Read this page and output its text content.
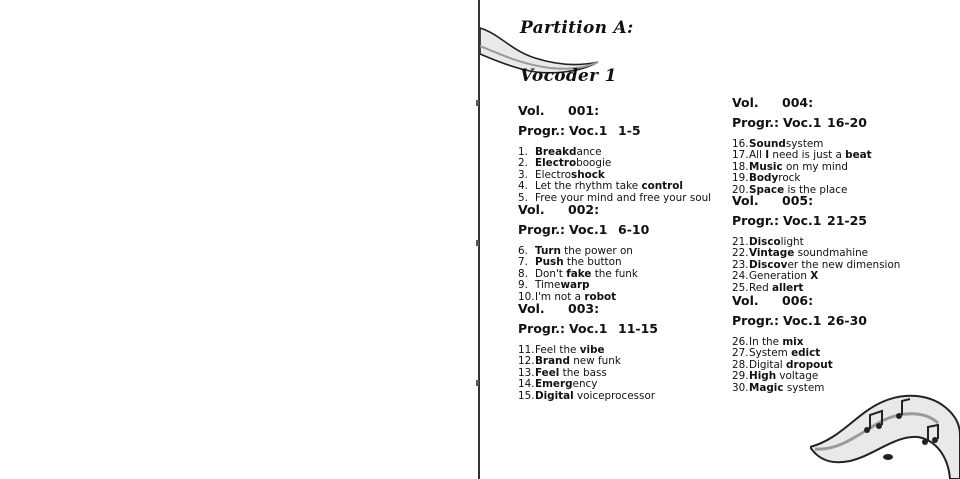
Partition A:
Vocoder 1
Vol. 001:
Progr.: Voc.1 1-5
1. Breakdance
2. Electroboogie
3. Electroshock
4. Let the rhythm take control
5. Free your mind and free your soul
Vol. 002:
Progr.: Voc.1 6-10
6. Turn the power on
7. Push the button
8. Don't fake the funk
9. Timewarp
10.I'm not a robot
Vol. 003:
Progr.: Voc.1 11-15
11.Feel the vibe
12.Brand new funk
13.Feel the bass
14.Emergency
15.Digital voiceprocessor
Vol. 004:
Progr.: Voc.1 16-20
16.Soundsystem
17.All I need is just a beat
18.Music on my mind
19.Bodyrock
20.Space is the place
Vol. 005:
Progr.: Voc.1 21-25
21.Discolight
22.Vintage soundmahine
23.Discover the new dimension
24.Generation X
25.Red allert
Vol. 006:
Progr.: Voc.1 26-30
26.In the mix
27.System edict
28.Digital dropout
29.High voltage
30.Magic system
